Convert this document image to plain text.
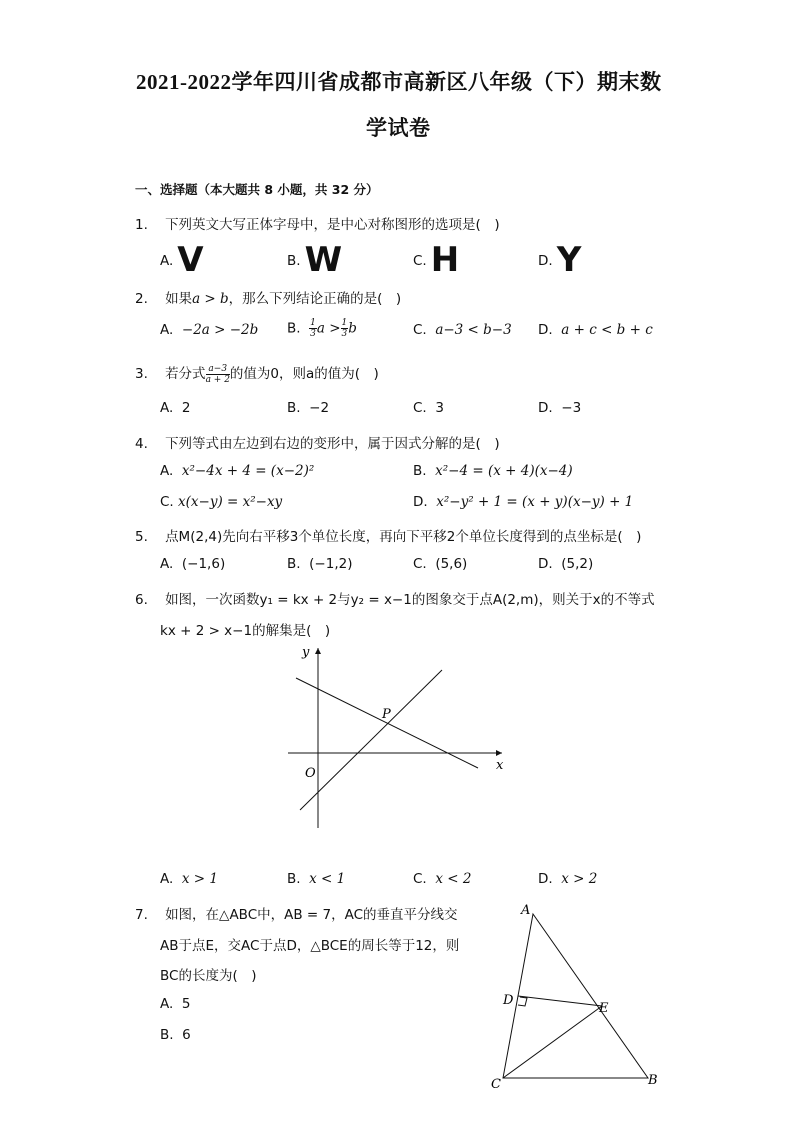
2021-2022学年四川省成都市高新区八年级（下）期末数
学试卷
一、选择题（本大题共 8 小题，共 32 分）
1. 下列英文大写正体字母中，是中心对称图形的选项是(　)
A. V	B. W	C. H	D. Y
2. 如果a > b，那么下列结论正确的是(　)
A. −2a > −2b B. $\frac{1}{3}a > \frac{1}{3}b$	C. a−3 < b−3 D. a + c < b + c
3. 若分式 $\frac{a-3}{a + 2}$的值为0，则a的值为(　)
A. 2	B. −2	C. 3	D. −3
4. 下列等式由左边到右边的变形中，属于因式分解的是(　)
A. x²−4x + 4 = (x−2)²	B. x²−4 = (x + 4)(x−4)
C. x(x−y) = x²−xy	D. x²−y² + 1 = (x + y)(x−y) + 1
5. 点M(2,4)先向右平移3个单位长度，再向下平移2个单位长度得到的点坐标是(　)
A. (−1,6)	B. (−1,2)	C. (5,6)	D. (5,2)
6. 如图，一次函数y₁ = kx + 2与y₂ = x−1的图象交于点A(2,m)，则关于x的不等式
kx + 2 > x−1的解集是(　)
y
x
O
P
A. x > 1	B. x < 1	C. x < 2	D. x > 2
7. 如图，在△ABC中，AB = 7，AC的垂直平分线交
AB于点E，交AC于点D，△BCE的周长等于12，则
BC的长度为(　)
A. 5
B. 6
A
B
C
D
E
